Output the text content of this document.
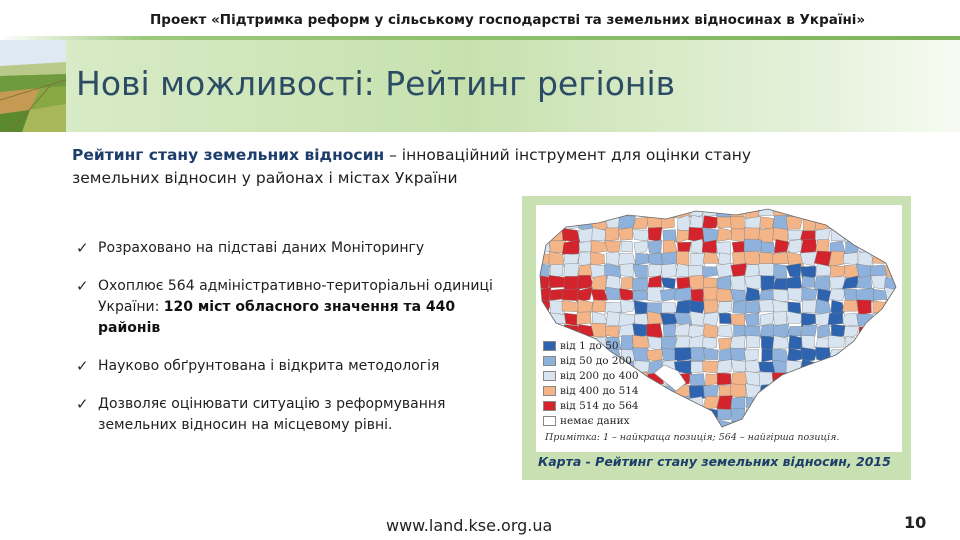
Проект «Підтримка реформ у сільському господарстві та земельних відносинах в Україні»
Нові можливості: Рейтинг регіонів
Рейтинг стану земельних відносин – інноваційний інструмент для оцінки стану
земельних відносин у районах і містах України
✓ Розраховано на підставі даних Моніторингу
✓ Охоплює 564 адміністративно-територіальні одиниці України: 120 міст обласного значення та 440 районів
✓ Науково обґрунтована і відкрита методологія
✓ Дозволяє оцінювати ситуацію з реформування земельних відносин на місцевому рівні.
від 1 до 50
від 50 до 200
від 200 до 400
від 400 до 514
від 514 до 564
немає даних
Примітка: 1 – найкраща позиція; 564 – найгірша позиція.
Карта - Рейтинг стану земельних відносин, 2015
www.land.kse.org.ua	10
